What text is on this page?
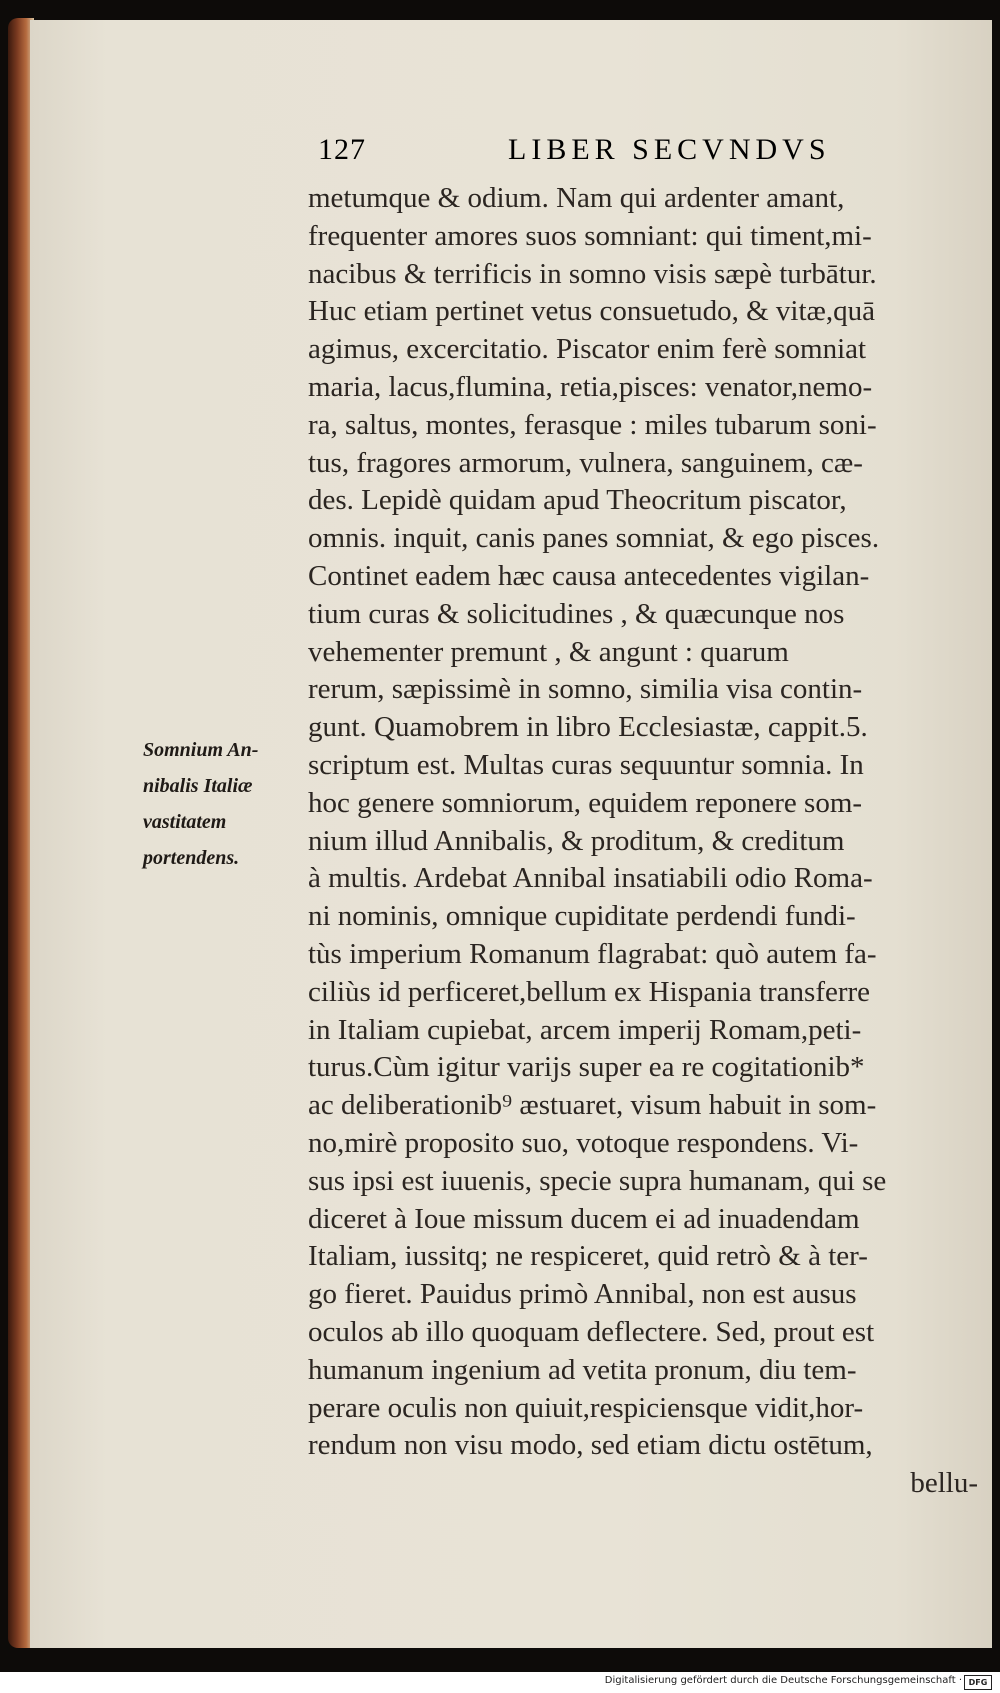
127	LIBER SECVNDVS
Somnium An-
nibalis Italiæ
vastitatem
portendens.
metumque & odium. Nam qui ardenter amant,
frequenter amores suos somniant: qui timent,mi-
nacibus & terrificis in somno visis sæpè turbātur.
Huc etiam pertinet vetus consuetudo, & vitæ,quā
agimus, excercitatio. Piscator enim ferè somniat
maria, lacus,flumina, retia,pisces: venator,nemo-
ra, saltus, montes, ferasque : miles tubarum soni-
tus, fragores armorum, vulnera, sanguinem, cæ-
des. Lepidè quidam apud Theocritum piscator,
omnis. inquit, canis panes somniat, & ego pisces.
Continet eadem hæc causa antecedentes vigilan-
tium curas & solicitudines , & quæcunque nos
vehementer premunt , & angunt : quarum
rerum, sæpissimè in somno, similia visa contin-
gunt. Quamobrem in libro Ecclesiastæ, cappit.5.
scriptum est. Multas curas sequuntur somnia. In
hoc genere somniorum, equidem reponere som-
nium illud Annibalis, & proditum, & creditum
à multis. Ardebat Annibal insatiabili odio Roma-
ni nominis, omnique cupiditate perdendi fundi-
tùs imperium Romanum flagrabat: quò autem fa-
ciliùs id perficeret,bellum ex Hispania transferre
in Italiam cupiebat, arcem imperij Romam,peti-
turus.Cùm igitur varijs super ea re cogitationib*
ac deliberationib⁹ æstuaret, visum habuit in som-
no,mirè proposito suo, votoque respondens. Vi-
sus ipsi est iuuenis, specie supra humanam, qui se
diceret à Ioue missum ducem ei ad inuadendam
Italiam, iussitq; ne respiceret, quid retrò & à ter-
go fieret. Pauidus primò Annibal, non est ausus
oculos ab illo quoquam deflectere. Sed, prout est
humanum ingenium ad vetita pronum, diu tem-
perare oculis non quiuit,respiciensque vidit,hor-
rendum non visu modo, sed etiam dictu ostētum,
bellu-
Digitalisierung gefördert durch die Deutsche Forschungsgemeinschaft · DFG
